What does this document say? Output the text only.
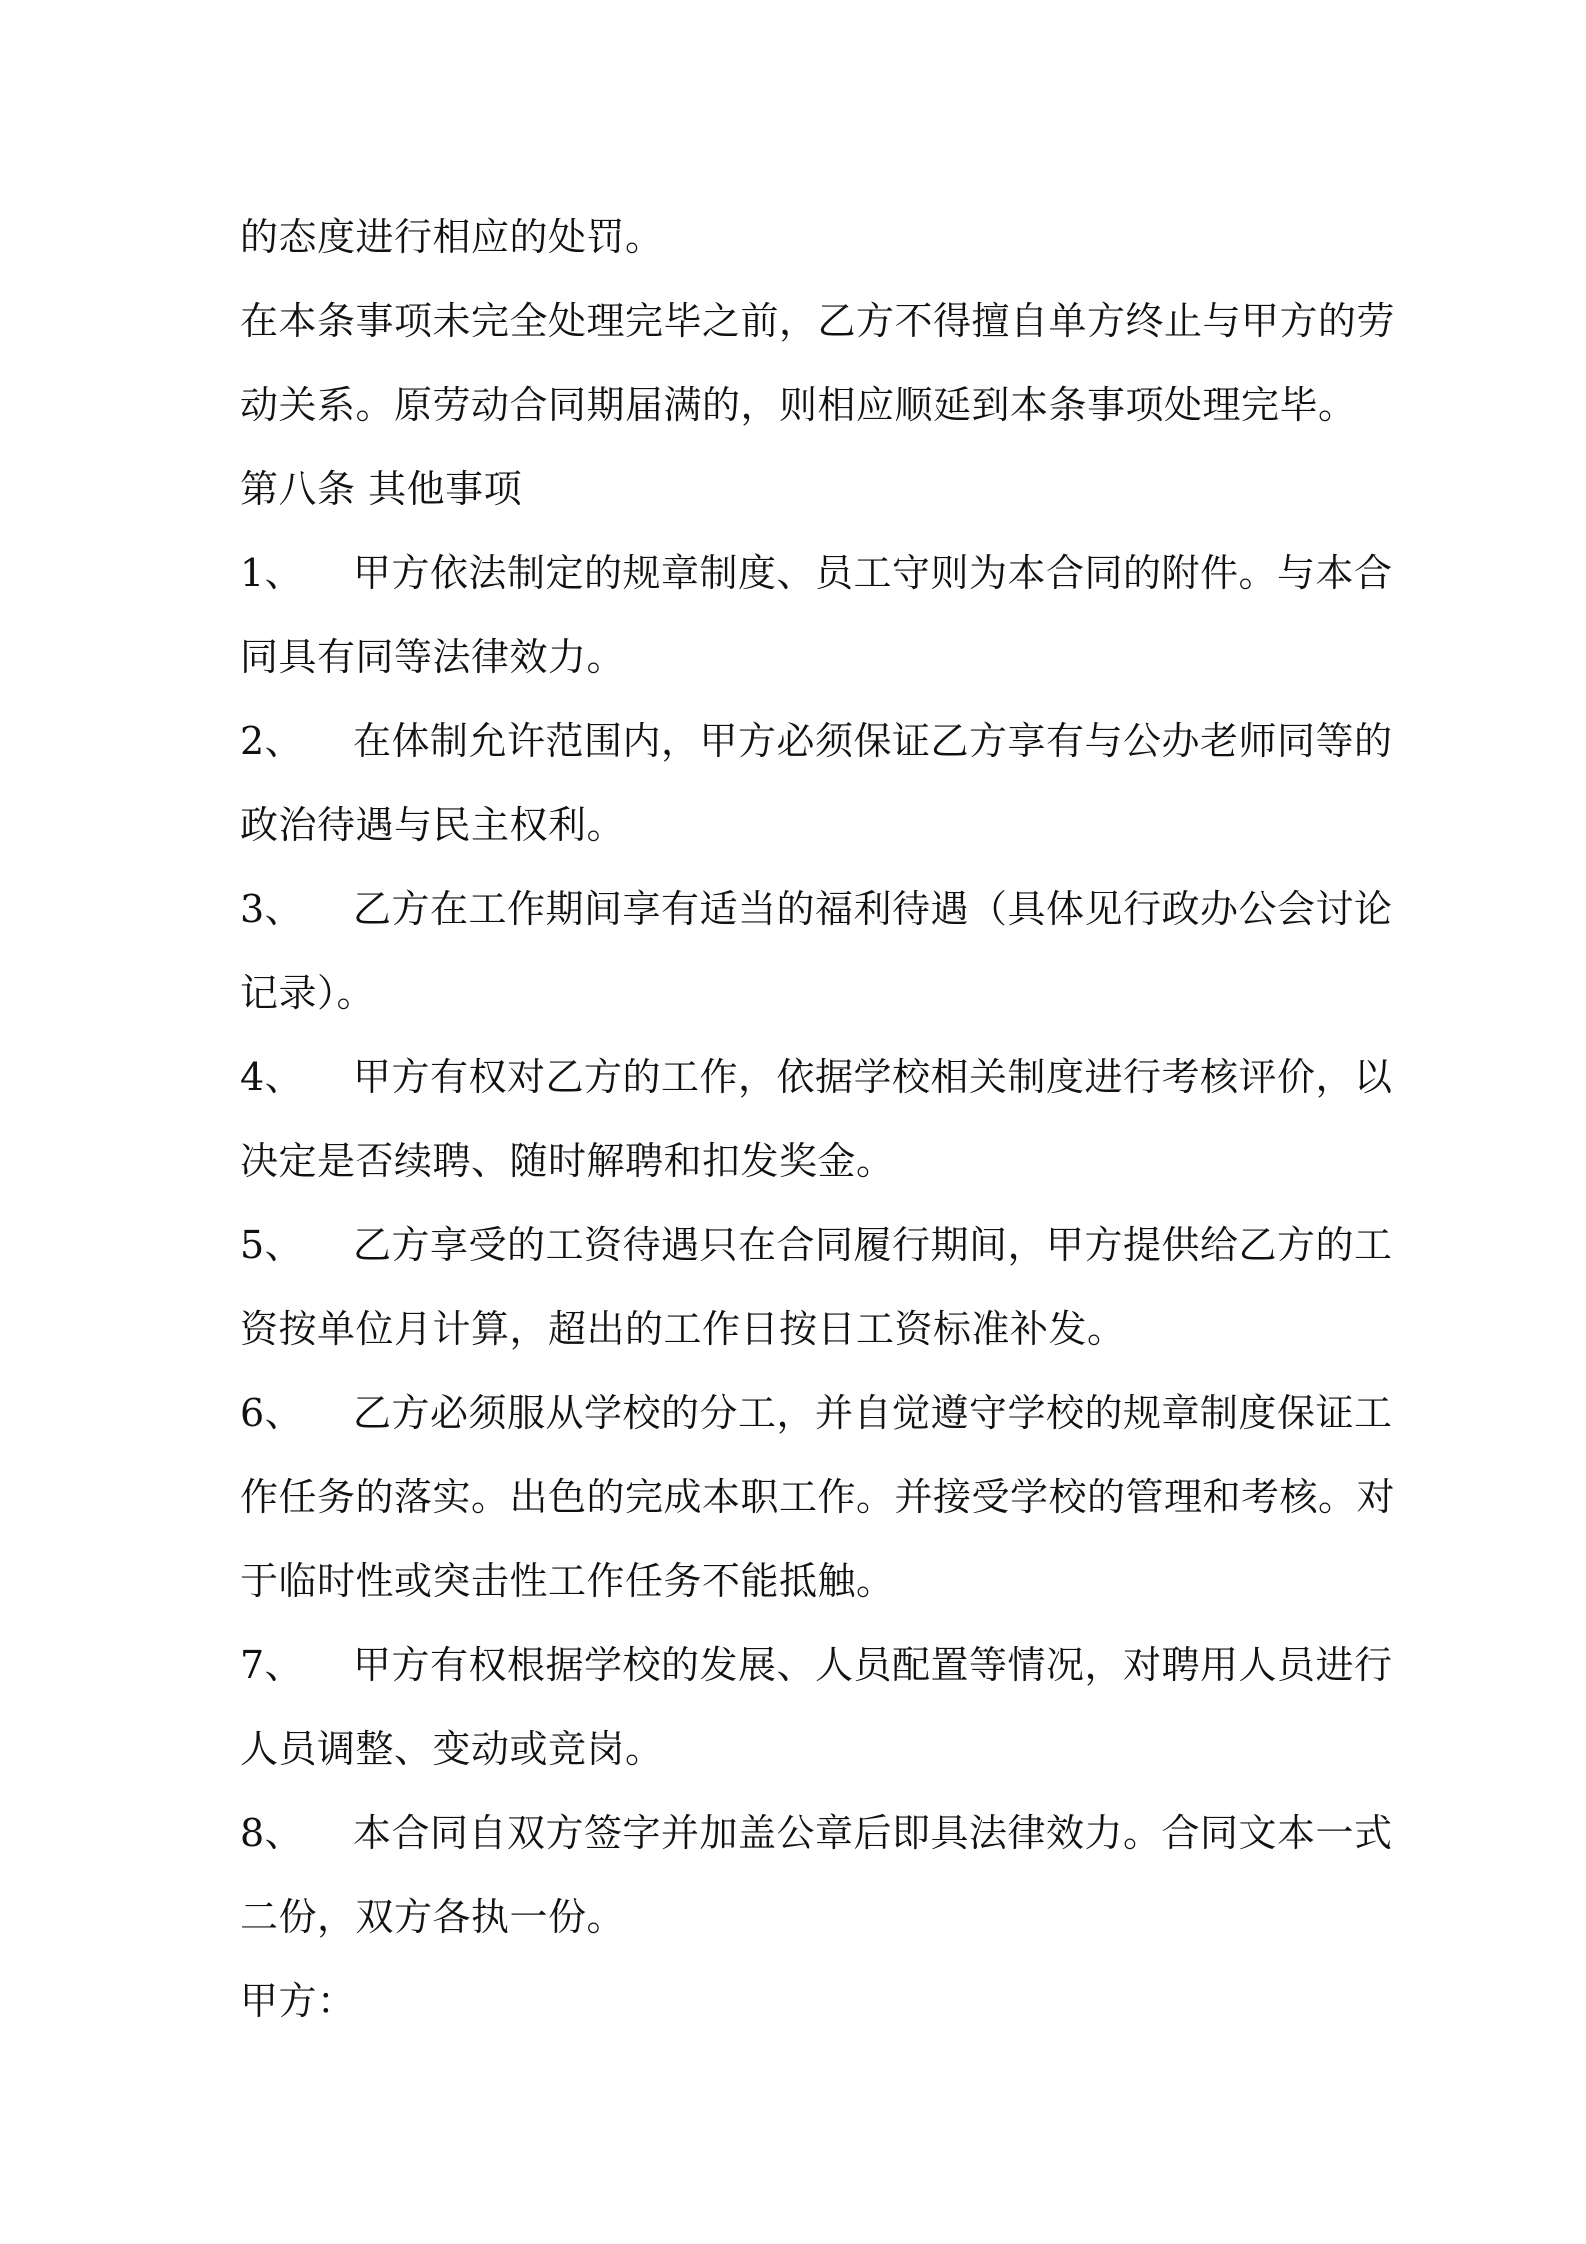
的态度进行相应的处罚。
在本条事项未完全处理完毕之前，乙方不得擅自单方终止与甲方的劳
动关系。原劳动合同期届满的，则相应顺延到本条事项处理完毕。
第八条 其他事项
1、 甲方依法制定的规章制度、员工守则为本合同的附件。与本合
同具有同等法律效力。
2、 在体制允许范围内，甲方必须保证乙方享有与公办老师同等的
政治待遇与民主权利。
3、 乙方在工作期间享有适当的福利待遇（具体见行政办公会讨论
记录）。
4、 甲方有权对乙方的工作，依据学校相关制度进行考核评价，以
决定是否续聘、随时解聘和扣发奖金。
5、 乙方享受的工资待遇只在合同履行期间，甲方提供给乙方的工
资按单位月计算，超出的工作日按日工资标准补发。
6、 乙方必须服从学校的分工，并自觉遵守学校的规章制度保证工
作任务的落实。出色的完成本职工作。并接受学校的管理和考核。对
于临时性或突击性工作任务不能抵触。
7、 甲方有权根据学校的发展、人员配置等情况，对聘用人员进行
人员调整、变动或竞岗。
8、 本合同自双方签字并加盖公章后即具法律效力。合同文本一式
二份，双方各执一份。
甲方：
